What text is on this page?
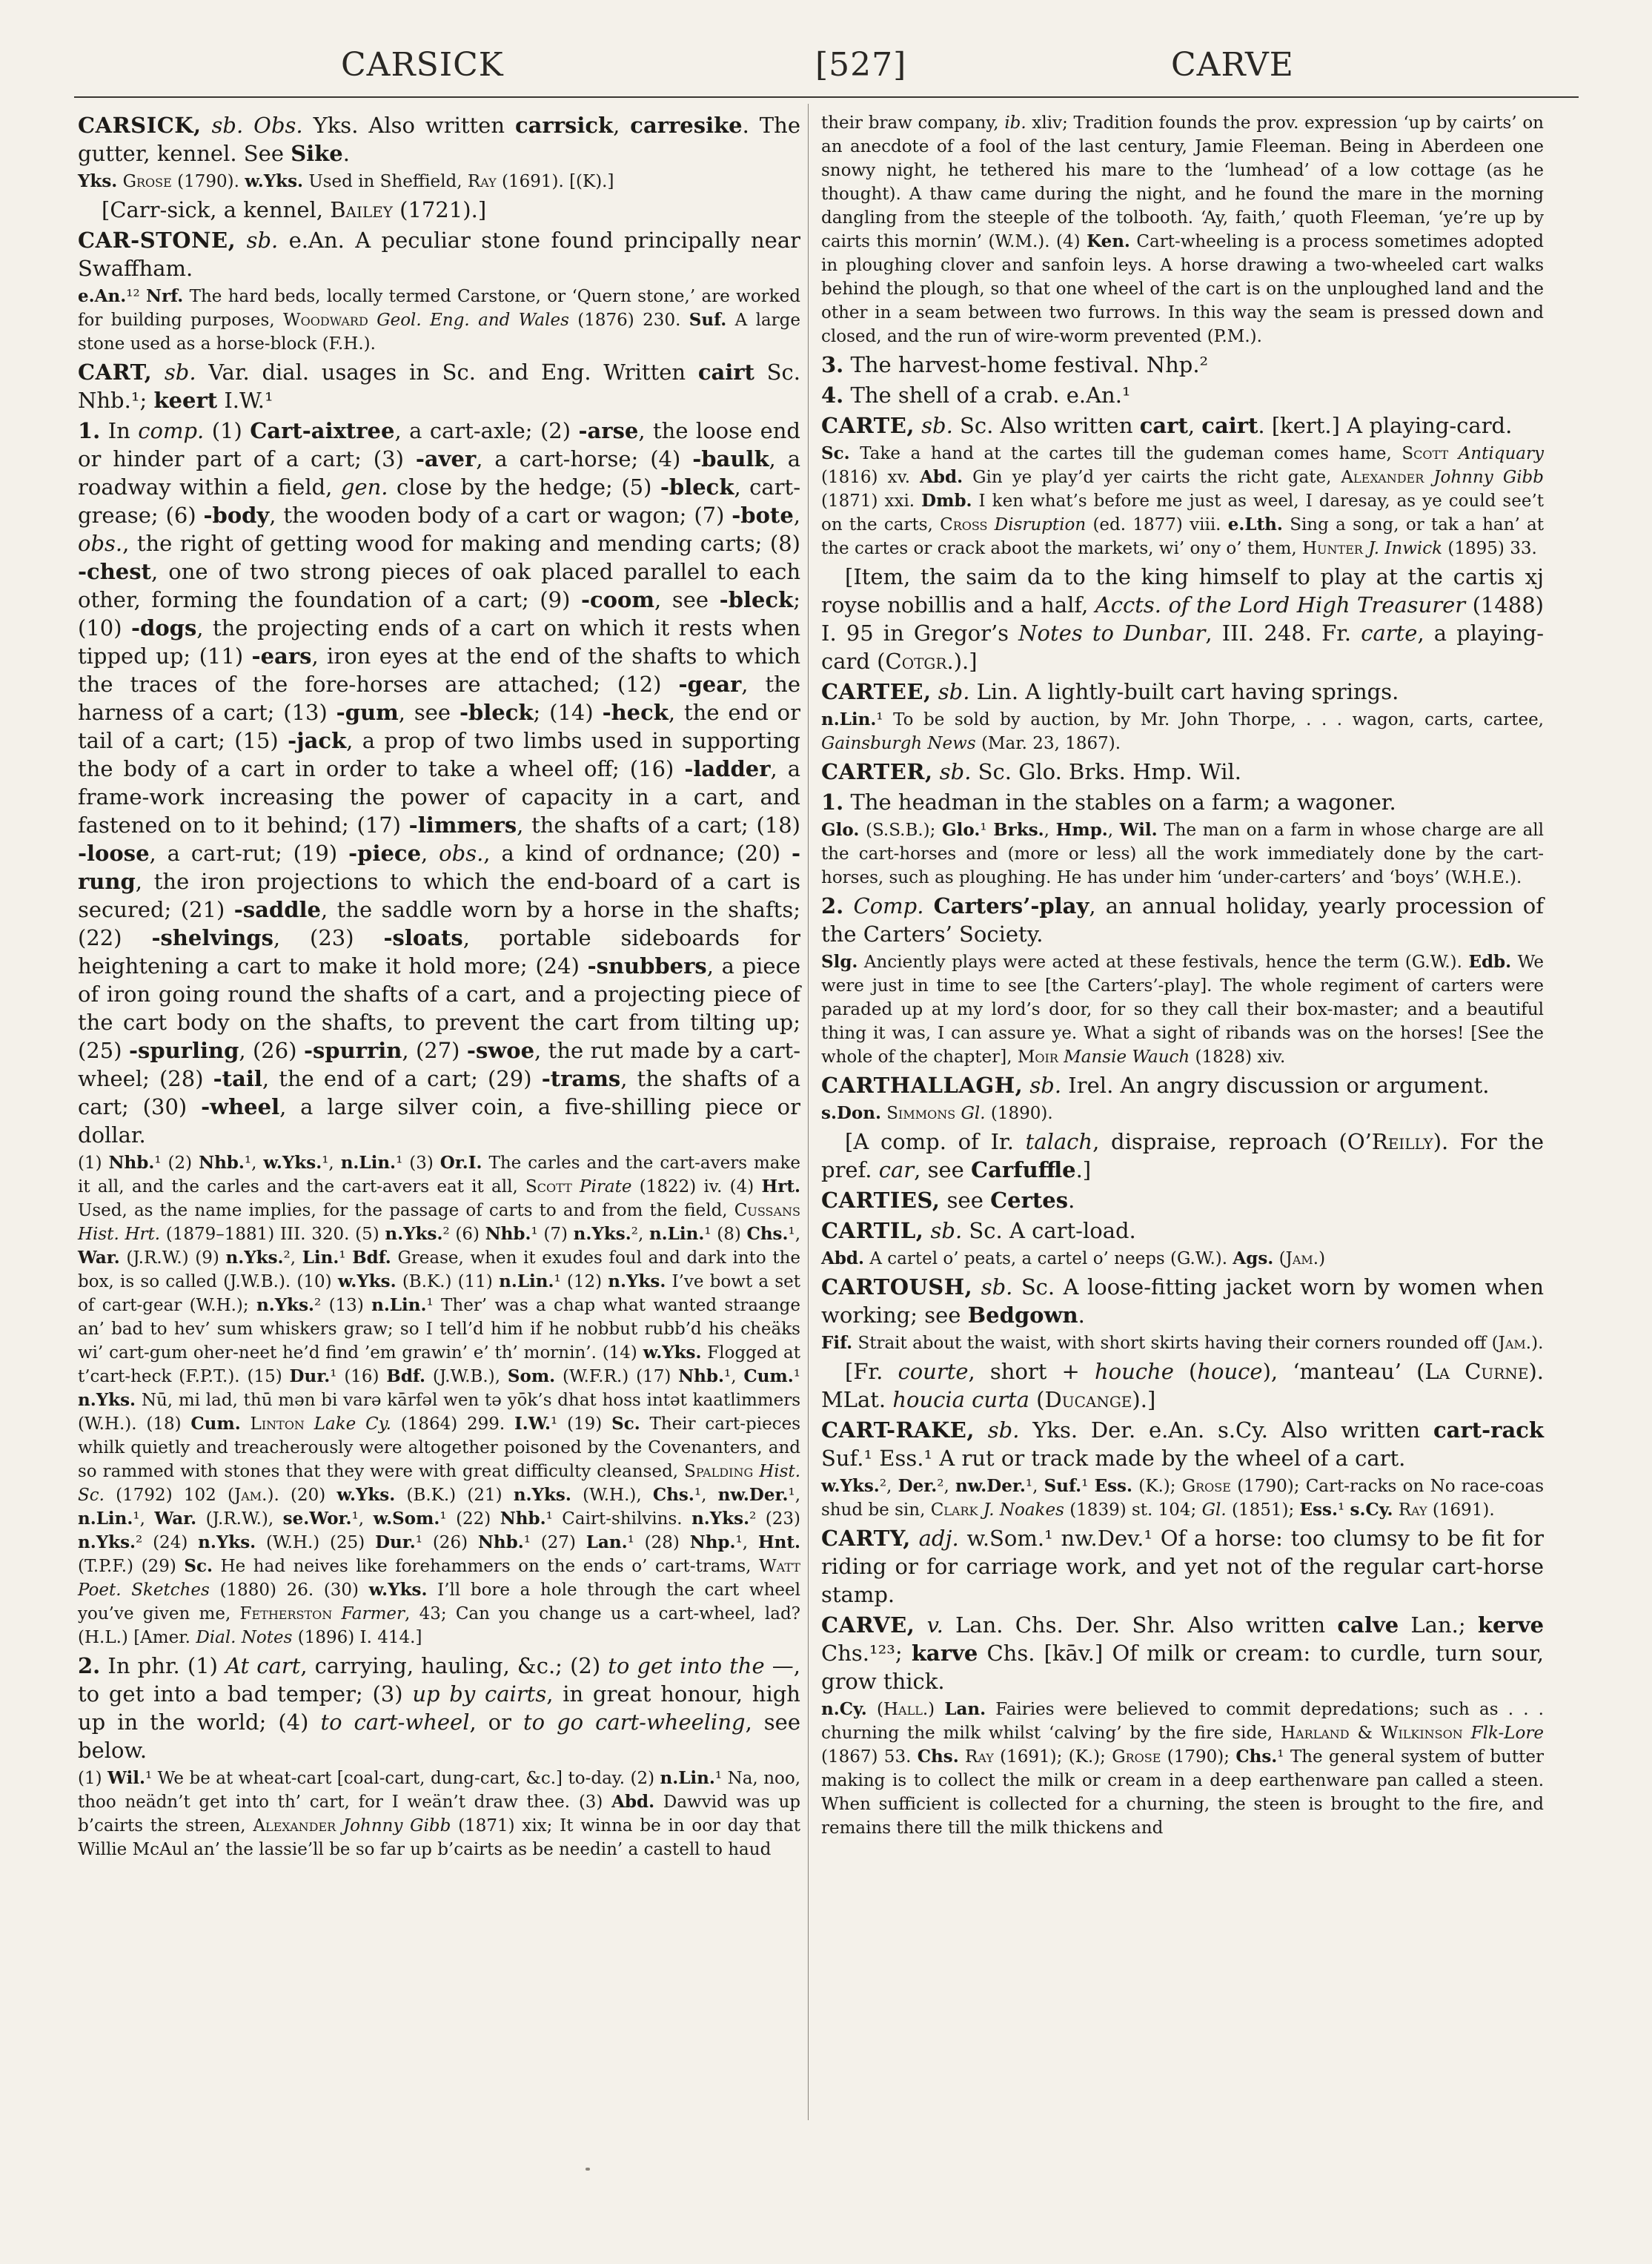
CARSICK	[527]	CARVE

CARSICK, sb. Obs. Yks. Also written carrsick, carresike. The gutter, kennel. See Sike.

Yks. Grose (1790). w.Yks. Used in Sheffield, Ray (1691). [(K).]

[Carr-sick, a kennel, Bailey (1721).]

CAR-STONE, sb. e.An. A peculiar stone found principally near Swaffham.

e.An.¹² Nrf. The hard beds, locally termed Carstone, or ‘Quern stone,’ are worked for building purposes, Woodward Geol. Eng. and Wales (1876) 230. Suf. A large stone used as a horse-block (F.H.).

CART, sb. Var. dial. usages in Sc. and Eng. Written cairt Sc. Nhb.¹; keert I.W.¹

1. In comp. (1) Cart-aixtree, a cart-axle; (2) -arse, the loose end or hinder part of a cart; (3) -aver, a cart-horse; (4) -baulk, a roadway within a field, gen. close by the hedge; (5) -bleck, cart-grease; (6) -body, the wooden body of a cart or wagon; (7) -bote, obs., the right of getting wood for making and mending carts; (8) -chest, one of two strong pieces of oak placed parallel to each other, forming the foundation of a cart; (9) -coom, see -bleck; (10) -dogs, the projecting ends of a cart on which it rests when tipped up; (11) -ears, iron eyes at the end of the shafts to which the traces of the fore-horses are attached; (12) -gear, the harness of a cart; (13) -gum, see -bleck; (14) -heck, the end or tail of a cart; (15) -jack, a prop of two limbs used in supporting the body of a cart in order to take a wheel off; (16) -ladder, a frame-work increasing the power of capacity in a cart, and fastened on to it behind; (17) -limmers, the shafts of a cart; (18) -loose, a cart-rut; (19) -piece, obs., a kind of ordnance; (20) -rung, the iron projections to which the end-board of a cart is secured; (21) -saddle, the saddle worn by a horse in the shafts; (22) -shelvings, (23) -sloats, portable sideboards for heightening a cart to make it hold more; (24) -snubbers, a piece of iron going round the shafts of a cart, and a projecting piece of the cart body on the shafts, to prevent the cart from tilting up; (25) -spurling, (26) -spurrin, (27) -swoe, the rut made by a cart-wheel; (28) -tail, the end of a cart; (29) -trams, the shafts of a cart; (30) -wheel, a large silver coin, a five-shilling piece or dollar.

(1) Nhb.¹ (2) Nhb.¹, w.Yks.¹, n.Lin.¹ (3) Or.I. The carles and the cart-avers make it all, and the carles and the cart-avers eat it all, Scott Pirate (1822) iv. (4) Hrt. Used, as the name implies, for the passage of carts to and from the field, Cussans Hist. Hrt. (1879–1881) III. 320. (5) n.Yks.² (6) Nhb.¹ (7) n.Yks.², n.Lin.¹ (8) Chs.¹, War. (J.R.W.) (9) n.Yks.², Lin.¹ Bdf. Grease, when it exudes foul and dark into the box, is so called (J.W.B.). (10) w.Yks. (B.K.) (11) n.Lin.¹ (12) n.Yks. I’ve bowt a set of cart-gear (W.H.); n.Yks.² (13) n.Lin.¹ Ther’ was a chap what wanted straange an’ bad to hev’ sum whiskers graw; so I tell’d him if he nobbut rubb’d his cheäks wi’ cart-gum oher-neet he’d find ’em grawin’ e’ th’ mornin’. (14) w.Yks. Flogged at t’cart-heck (F.P.T.). (15) Dur.¹ (16) Bdf. (J.W.B.), Som. (W.F.R.) (17) Nhb.¹, Cum.¹ n.Yks. Nū, mi lad, thū mən bi varə kārfəl wen tə yōk’s dhat hoss intət kaatlimmers (W.H.). (18) Cum. Linton Lake Cy. (1864) 299. I.W.¹ (19) Sc. Their cart-pieces whilk quietly and treacherously were altogether poisoned by the Covenanters, and so rammed with stones that they were with great difficulty cleansed, Spalding Hist. Sc. (1792) 102 (Jam.). (20) w.Yks. (B.K.) (21) n.Yks. (W.H.), Chs.¹, nw.Der.¹, n.Lin.¹, War. (J.R.W.), se.Wor.¹, w.Som.¹ (22) Nhb.¹ Cairt-shilvins. n.Yks.² (23) n.Yks.² (24) n.Yks. (W.H.) (25) Dur.¹ (26) Nhb.¹ (27) Lan.¹ (28) Nhp.¹, Hnt. (T.P.F.) (29) Sc. He had neives like forehammers on the ends o’ cart-trams, Watt Poet. Sketches (1880) 26. (30) w.Yks. I’ll bore a hole through the cart wheel you’ve given me, Fetherston Farmer, 43; Can you change us a cart-wheel, lad? (H.L.) [Amer. Dial. Notes (1896) I. 414.]

2. In phr. (1) At cart, carrying, hauling, &c.; (2) to get into the —, to get into a bad temper; (3) up by cairts, in great honour, high up in the world; (4) to cart-wheel, or to go cart-wheeling, see below.

(1) Wil.¹ We be at wheat-cart [coal-cart, dung-cart, &c.] to-day. (2) n.Lin.¹ Na, noo, thoo neädn’t get into th’ cart, for I weän’t draw thee. (3) Abd. Dawvid was up b’cairts the streen, Alexander Johnny Gibb (1871) xix; It winna be in oor day that Willie McAul an’ the lassie’ll be so far up b’cairts as be needin’ a castell to haud

their braw company, ib. xliv; Tradition founds the prov. expression ‘up by cairts’ on an anecdote of a fool of the last century, Jamie Fleeman. Being in Aberdeen one snowy night, he tethered his mare to the ‘lumhead’ of a low cottage (as he thought). A thaw came during the night, and he found the mare in the morning dangling from the steeple of the tolbooth. ‘Ay, faith,’ quoth Fleeman, ‘ye’re up by cairts this mornin’ (W.M.). (4) Ken. Cart-wheeling is a process sometimes adopted in ploughing clover and sanfoin leys. A horse drawing a two-wheeled cart walks behind the plough, so that one wheel of the cart is on the unploughed land and the other in a seam between two furrows. In this way the seam is pressed down and closed, and the run of wire-worm prevented (P.M.).

3. The harvest-home festival. Nhp.²

4. The shell of a crab. e.An.¹

CARTE, sb. Sc. Also written cart, cairt. [kert.] A playing-card.

Sc. Take a hand at the cartes till the gudeman comes hame, Scott Antiquary (1816) xv. Abd. Gin ye play’d yer cairts the richt gate, Alexander Johnny Gibb (1871) xxi. Dmb. I ken what’s before me just as weel, I daresay, as ye could see’t on the carts, Cross Disruption (ed. 1877) viii. e.Lth. Sing a song, or tak a han’ at the cartes or crack aboot the markets, wi’ ony o’ them, Hunter J. Inwick (1895) 33.

[Item, the saim da to the king himself to play at the cartis xj royse nobillis and a half, Accts. of the Lord High Treasurer (1488) I. 95 in Gregor’s Notes to Dunbar, III. 248. Fr. carte, a playing-card (Cotgr.).]

CARTEE, sb. Lin. A lightly-built cart having springs.

n.Lin.¹ To be sold by auction, by Mr. John Thorpe, . . . wagon, carts, cartee, Gainsburgh News (Mar. 23, 1867).

CARTER, sb. Sc. Glo. Brks. Hmp. Wil.

1. The headman in the stables on a farm; a wagoner.

Glo. (S.S.B.); Glo.¹ Brks., Hmp., Wil. The man on a farm in whose charge are all the cart-horses and (more or less) all the work immediately done by the cart-horses, such as ploughing. He has under him ‘under-carters’ and ‘boys’ (W.H.E.).

2. Comp. Carters’-play, an annual holiday, yearly procession of the Carters’ Society.

Slg. Anciently plays were acted at these festivals, hence the term (G.W.). Edb. We were just in time to see [the Carters’-play]. The whole regiment of carters were paraded up at my lord’s door, for so they call their box-master; and a beautiful thing it was, I can assure ye. What a sight of ribands was on the horses! [See the whole of the chapter], Moir Mansie Wauch (1828) xiv.

CARTHALLAGH, sb. Irel. An angry discussion or argument.

s.Don. Simmons Gl. (1890).

[A comp. of Ir. talach, dispraise, reproach (O’Reilly). For the pref. car, see Carfuffle.]

CARTIES, see Certes.

CARTIL, sb. Sc. A cart-load.

Abd. A cartel o’ peats, a cartel o’ neeps (G.W.). Ags. (Jam.)

CARTOUSH, sb. Sc. A loose-fitting jacket worn by women when working; see Bedgown.

Fif. Strait about the waist, with short skirts having their corners rounded off (Jam.).

[Fr. courte, short + houche (houce), ‘manteau’ (La Curne). MLat. houcia curta (Ducange).]

CART-RAKE, sb. Yks. Der. e.An. s.Cy. Also written cart-rack Suf.¹ Ess.¹ A rut or track made by the wheel of a cart.

w.Yks.², Der.², nw.Der.¹, Suf.¹ Ess. (K.); Grose (1790); Cart-racks on No race-coas shud be sin, Clark J. Noakes (1839) st. 104; Gl. (1851); Ess.¹ s.Cy. Ray (1691).

CARTY, adj. w.Som.¹ nw.Dev.¹ Of a horse: too clumsy to be fit for riding or for carriage work, and yet not of the regular cart-horse stamp.

CARVE, v. Lan. Chs. Der. Shr. Also written calve Lan.; kerve Chs.¹²³; karve Chs. [kāv.] Of milk or cream: to curdle, turn sour, grow thick.

n.Cy. (Hall.) Lan. Fairies were believed to commit depredations; such as . . . churning the milk whilst ‘calving’ by the fire side, Harland & Wilkinson Flk-Lore (1867) 53. Chs. Ray (1691); (K.); Grose (1790); Chs.¹ The general system of butter making is to collect the milk or cream in a deep earthenware pan called a steen. When sufficient is collected for a churning, the steen is brought to the fire, and remains there till the milk thickens and
